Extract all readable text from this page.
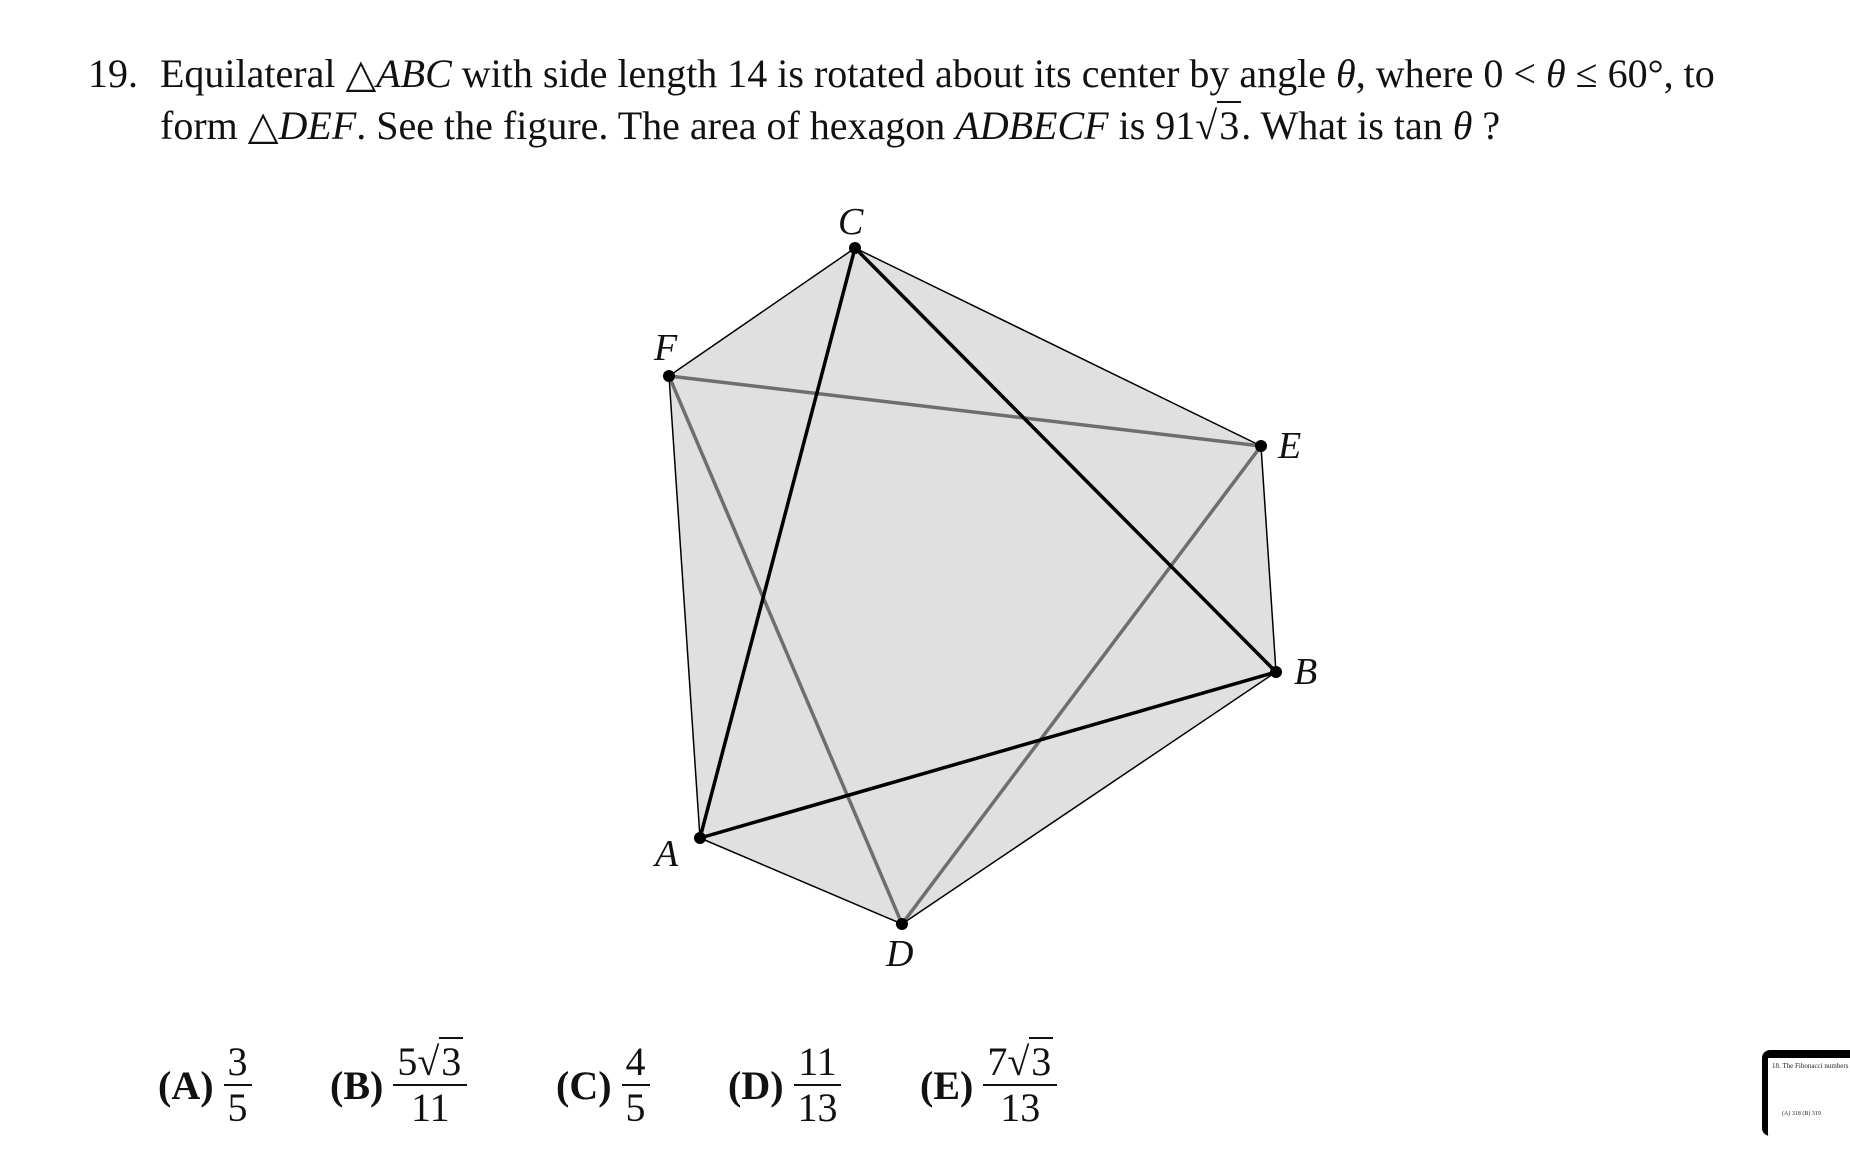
19. Equilateral △ABC with side length 14 is rotated about its center by angle θ, where 0 < θ ≤ 60°, to
form △DEF. See the figure. The area of hexagon ADBECF is 91√3. What is tan θ ?
A
B
C
D
E
F
$(A) \frac{3}{5} (B) \frac{5√3}{11} (C) \frac{4}{5} (D) \frac{11}{13} (E) \frac{7√3}{13}$	18. The Fibonacci numbers
(A) 318 (B) 319
